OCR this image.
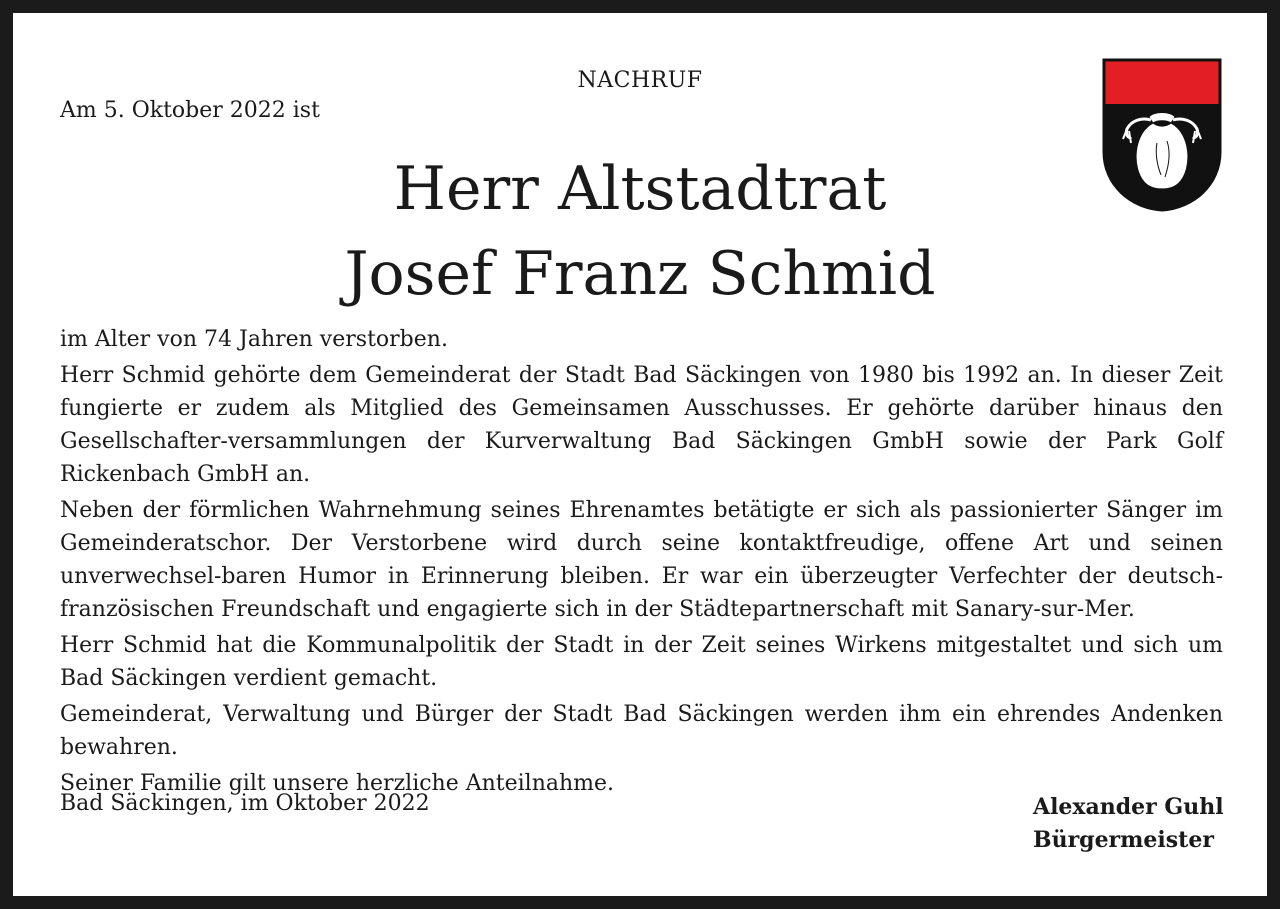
NACHRUF
Am 5. Oktober 2022 ist
Herr Altstadtrat
Josef Franz Schmid

im Alter von 74 Jahren verstorben.

Herr Schmid gehörte dem Gemeinderat der Stadt Bad Säckingen von 1980 bis 1992 an. In dieser Zeit fungierte er zudem als Mitglied des Gemeinsamen Ausschusses. Er gehörte darüber hinaus den Gesellschafter-versammlungen der Kurverwaltung Bad Säckingen GmbH sowie der Park Golf Rickenbach GmbH an.

Neben der förmlichen Wahrnehmung seines Ehrenamtes betätigte er sich als passionierter Sänger im Gemeinderatschor. Der Verstorbene wird durch seine kontaktfreudige, offene Art und seinen unverwechsel-baren Humor in Erinnerung bleiben. Er war ein überzeugter Verfechter der deutsch-französischen Freundschaft und engagierte sich in der Städtepartnerschaft mit Sanary-sur-Mer.

Herr Schmid hat die Kommunalpolitik der Stadt in der Zeit seines Wirkens mitgestaltet und sich um Bad Säckingen verdient gemacht.

Gemeinderat, Verwaltung und Bürger der Stadt Bad Säckingen werden ihm ein ehrendes Andenken bewahren.

Seiner Familie gilt unsere herzliche Anteilnahme.

Bad Säckingen, im Oktober 2022	Alexander Guhl
Bürgermeister
